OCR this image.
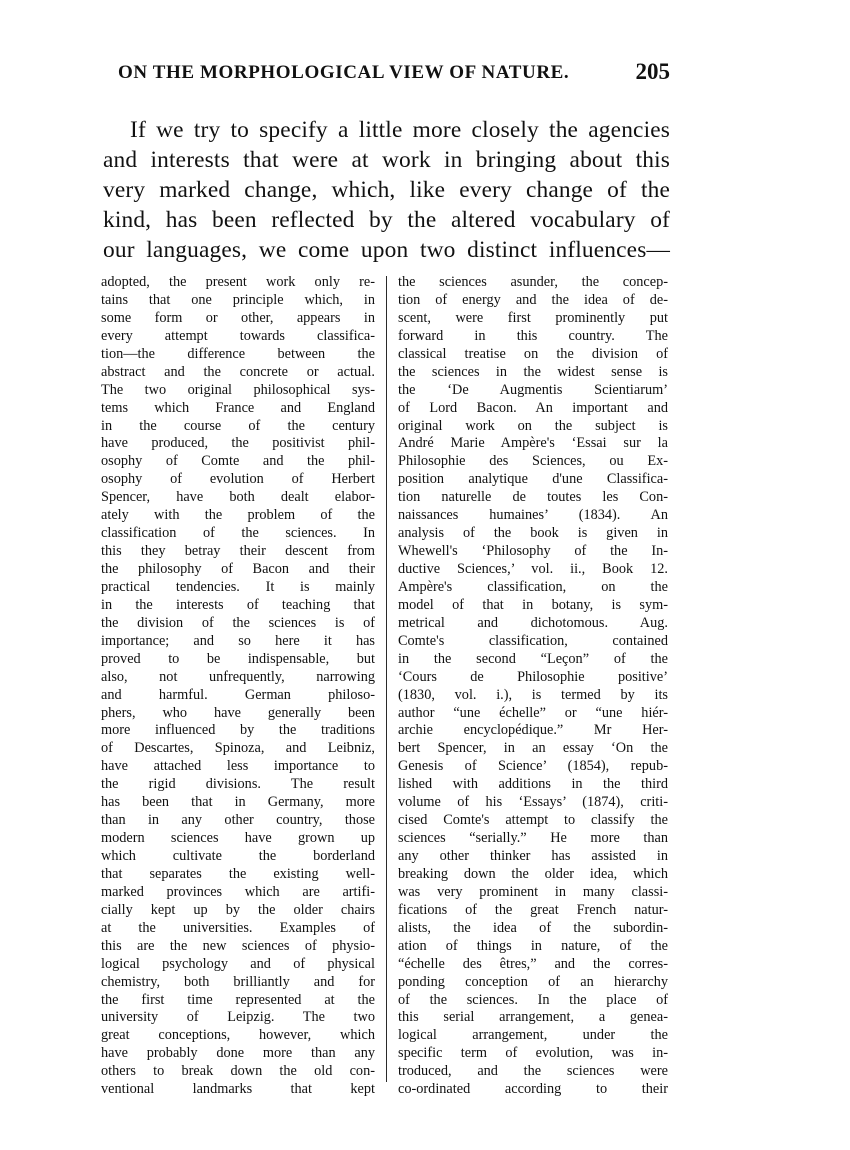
ON THE MORPHOLOGICAL VIEW OF NATURE.	205
If we try to specify a little more closely the agencies
and interests that were at work in bringing about this
very marked change, which, like every change of the
kind, has been reflected by the altered vocabulary of
our languages, we come upon two distinct influences—
adopted, the present work only re-
tains that one principle which, in
some form or other, appears in
every attempt towards classifica-
tion—the difference between the
abstract and the concrete or actual.
The two original philosophical sys-
tems which France and England
in the course of the century
have produced, the positivist phil-
osophy of Comte and the phil-
osophy of evolution of Herbert
Spencer, have both dealt elabor-
ately with the problem of the
classification of the sciences. In
this they betray their descent from
the philosophy of Bacon and their
practical tendencies. It is mainly
in the interests of teaching that
the division of the sciences is of
importance; and so here it has
proved to be indispensable, but
also, not unfrequently, narrowing
and harmful. German philoso-
phers, who have generally been
more influenced by the traditions
of Descartes, Spinoza, and Leibniz,
have attached less importance to
the rigid divisions. The result
has been that in Germany, more
than in any other country, those
modern sciences have grown up
which cultivate the borderland
that separates the existing well-
marked provinces which are artifi-
cially kept up by the older chairs
at the universities. Examples of
this are the new sciences of physio-
logical psychology and of physical
chemistry, both brilliantly and for
the first time represented at the
university of Leipzig. The two
great conceptions, however, which
have probably done more than any
others to break down the old con-
ventional landmarks that kept
the sciences asunder, the concep-
tion of energy and the idea of de-
scent, were first prominently put
forward in this country. The
classical treatise on the division of
the sciences in the widest sense is
the ‘De Augmentis Scientiarum’
of Lord Bacon. An important and
original work on the subject is
André Marie Ampère's ‘Essai sur la
Philosophie des Sciences, ou Ex-
position analytique d'une Classifica-
tion naturelle de toutes les Con-
naissances humaines’ (1834). An
analysis of the book is given in
Whewell's ‘Philosophy of the In-
ductive Sciences,’ vol. ii., Book 12.
Ampère's classification, on the
model of that in botany, is sym-
metrical and dichotomous. Aug.
Comte's classification, contained
in the second “Leçon” of the
‘Cours de Philosophie positive’
(1830, vol. i.), is termed by its
author “une échelle” or “une hiér-
archie encyclopédique.” Mr Her-
bert Spencer, in an essay ‘On the
Genesis of Science’ (1854), repub-
lished with additions in the third
volume of his ‘Essays’ (1874), criti-
cised Comte's attempt to classify the
sciences “serially.” He more than
any other thinker has assisted in
breaking down the older idea, which
was very prominent in many classi-
fications of the great French natur-
alists, the idea of the subordin-
ation of things in nature, of the
“échelle des êtres,” and the corres-
ponding conception of an hierarchy
of the sciences. In the place of
this serial arrangement, a genea-
logical arrangement, under the
specific term of evolution, was in-
troduced, and the sciences were
co-ordinated according to their
